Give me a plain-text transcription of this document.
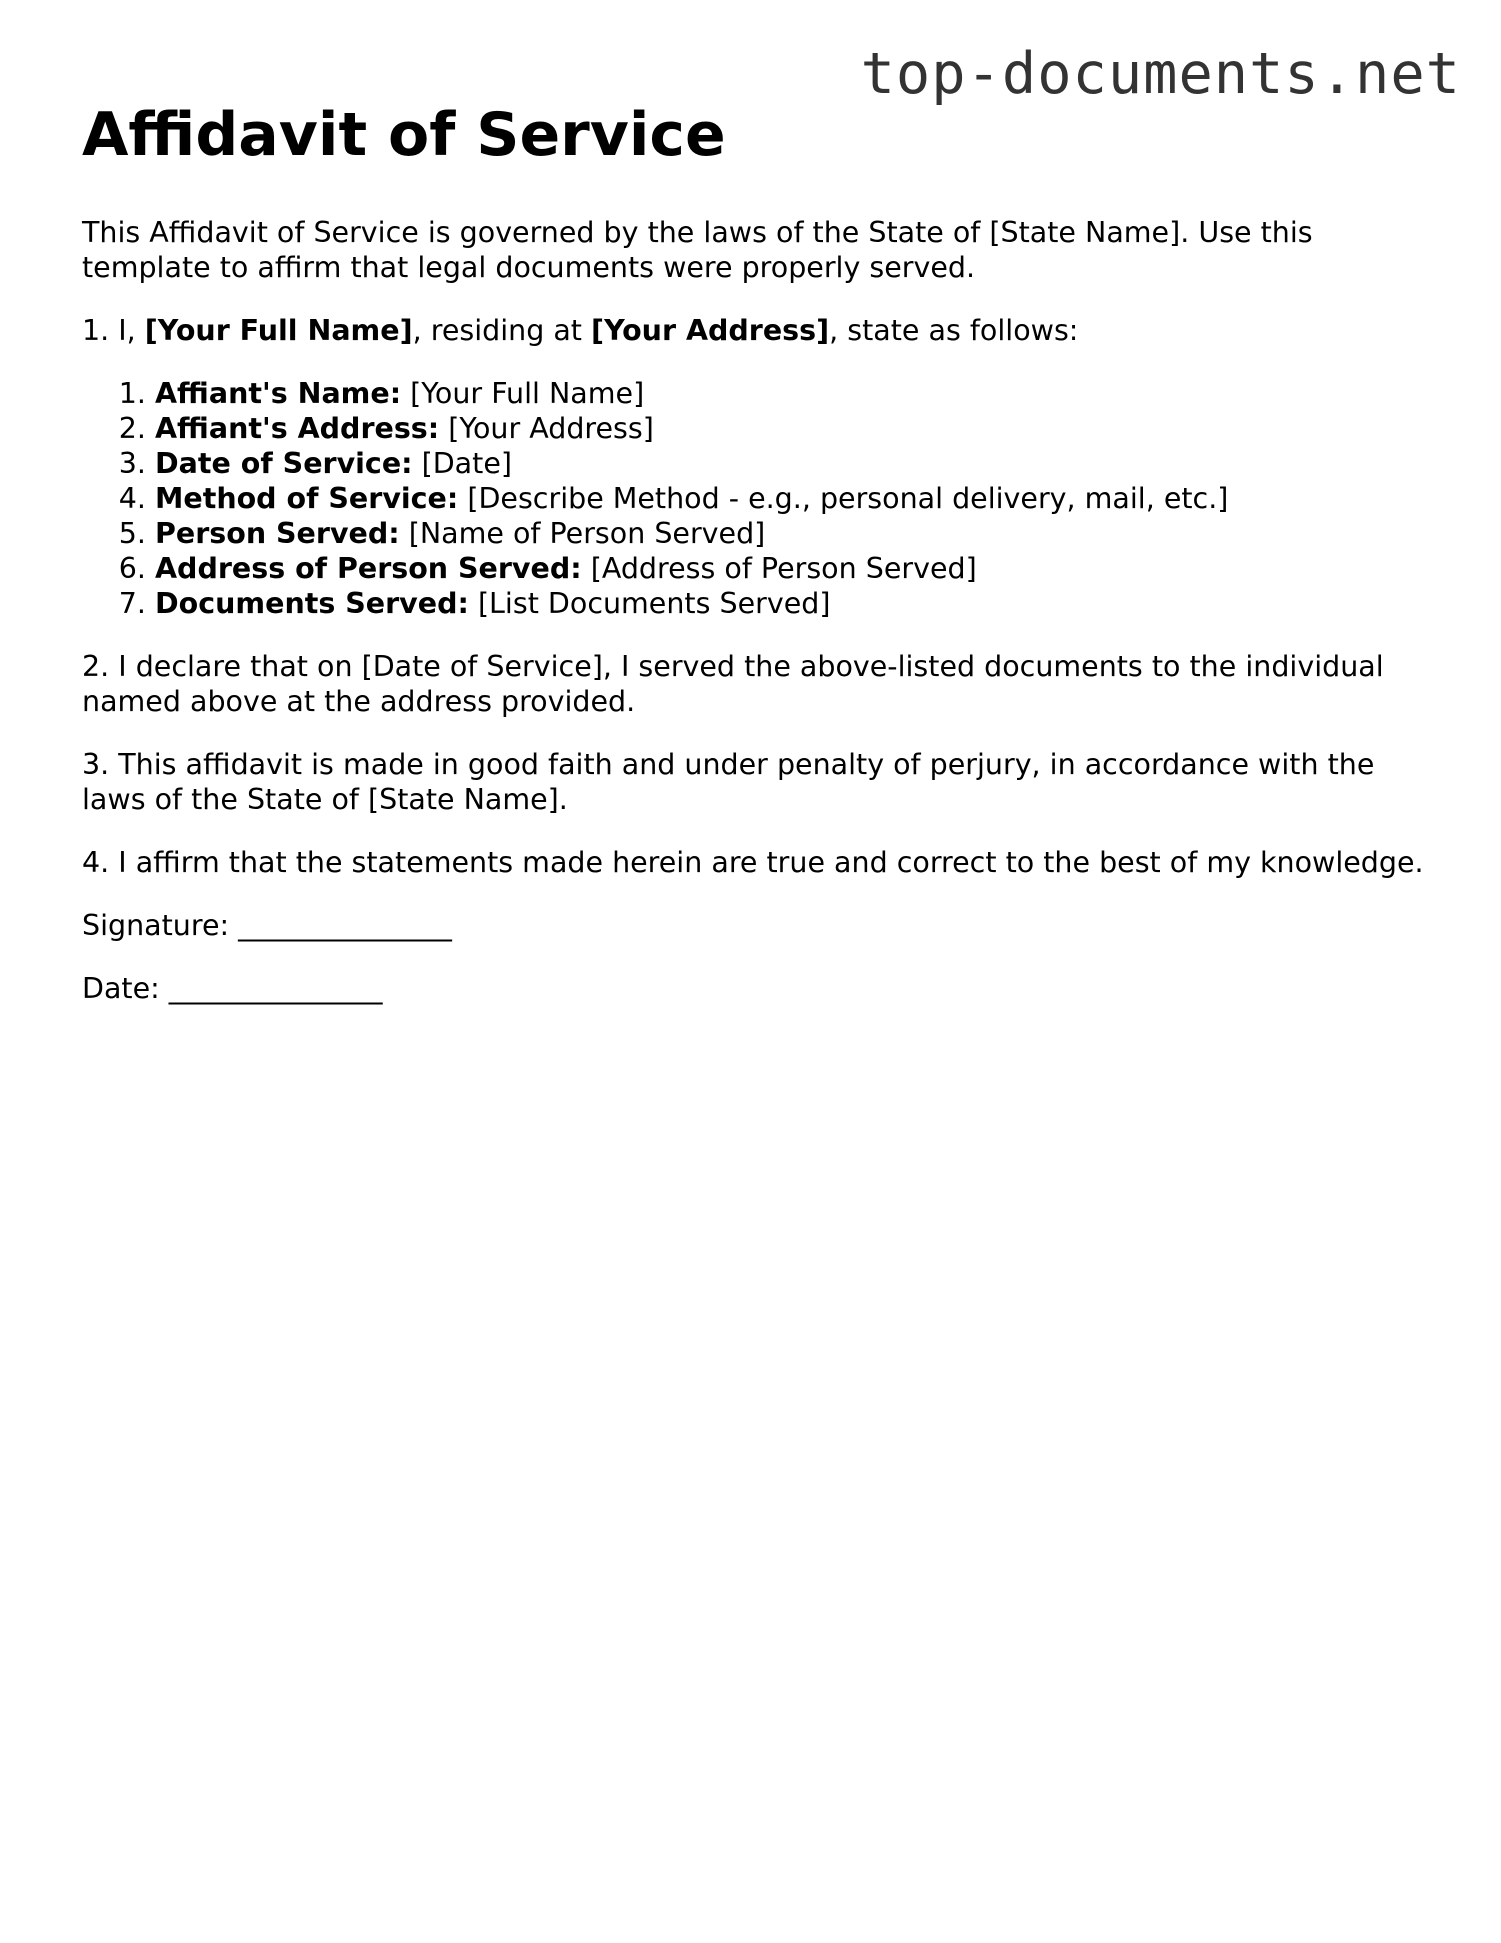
top-documents.net
Affidavit of Service

This Affidavit of Service is governed by the laws of the State of [State Name]. Use this template to affirm that legal documents were properly served.

1. I, [Your Full Name], residing at [Your Address], state as follows:

1. Affiant's Name: [Your Full Name]
2. Affiant's Address: [Your Address]
3. Date of Service: [Date]
4. Method of Service: [Describe Method - e.g., personal delivery, mail, etc.]
5. Person Served: [Name of Person Served]
6. Address of Person Served: [Address of Person Served]
7. Documents Served: [List Documents Served]

2. I declare that on [Date of Service], I served the above-listed documents to the individual named above at the address provided.

3. This affidavit is made in good faith and under penalty of perjury, in accordance with the laws of the State of [State Name].

4. I affirm that the statements made herein are true and correct to the best of my knowledge.

Signature: _______________

Date: _______________
